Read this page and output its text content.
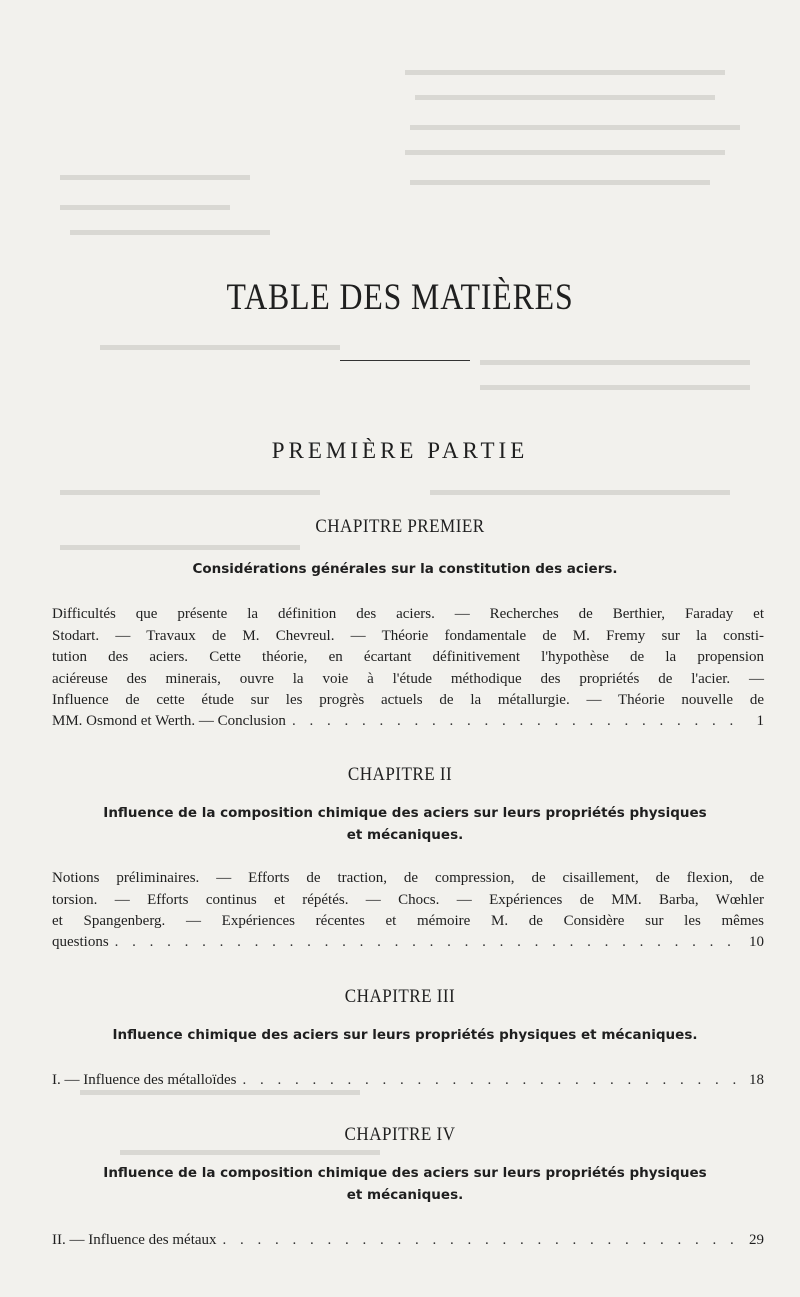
TABLE DES MATIÈRES
PREMIÈRE PARTIE
CHAPITRE PREMIER
Considérations générales sur la constitution des aciers.
Difficultés que présente la définition des aciers. — Recherches de Berthier, Faraday et
Stodart. — Travaux de M. Chevreul. — Théorie fondamentale de M. Fremy sur la consti-
tution des aciers. Cette théorie, en écartant définitivement l'hypothèse de la propension
aciéreuse des minerais, ouvre la voie à l'étude méthodique des propriétés de l'acier. —
Influence de cette étude sur les progrès actuels de la métallurgie. — Théorie nouvelle de
MM. Osmond et Werth. — Conclusion . . .	1
CHAPITRE II
Influence de la composition chimique des aciers sur leurs propriétés physiques
et mécaniques.
Notions préliminaires. — Efforts de traction, de compression, de cisaillement, de flexion, de
torsion. — Efforts continus et répétés. — Chocs. — Expériences de MM. Barba, Wœhler
et Spangenberg. — Expériences récentes et mémoire M. de Considère sur les mêmes
questions . . .	10
CHAPITRE III
Influence chimique des aciers sur leurs propriétés physiques et mécaniques.
I. — Influence des métalloïdes . . .	18
CHAPITRE IV
Influence de la composition chimique des aciers sur leurs propriétés physiques
et mécaniques.
II. — Influence des métaux . . .	29
